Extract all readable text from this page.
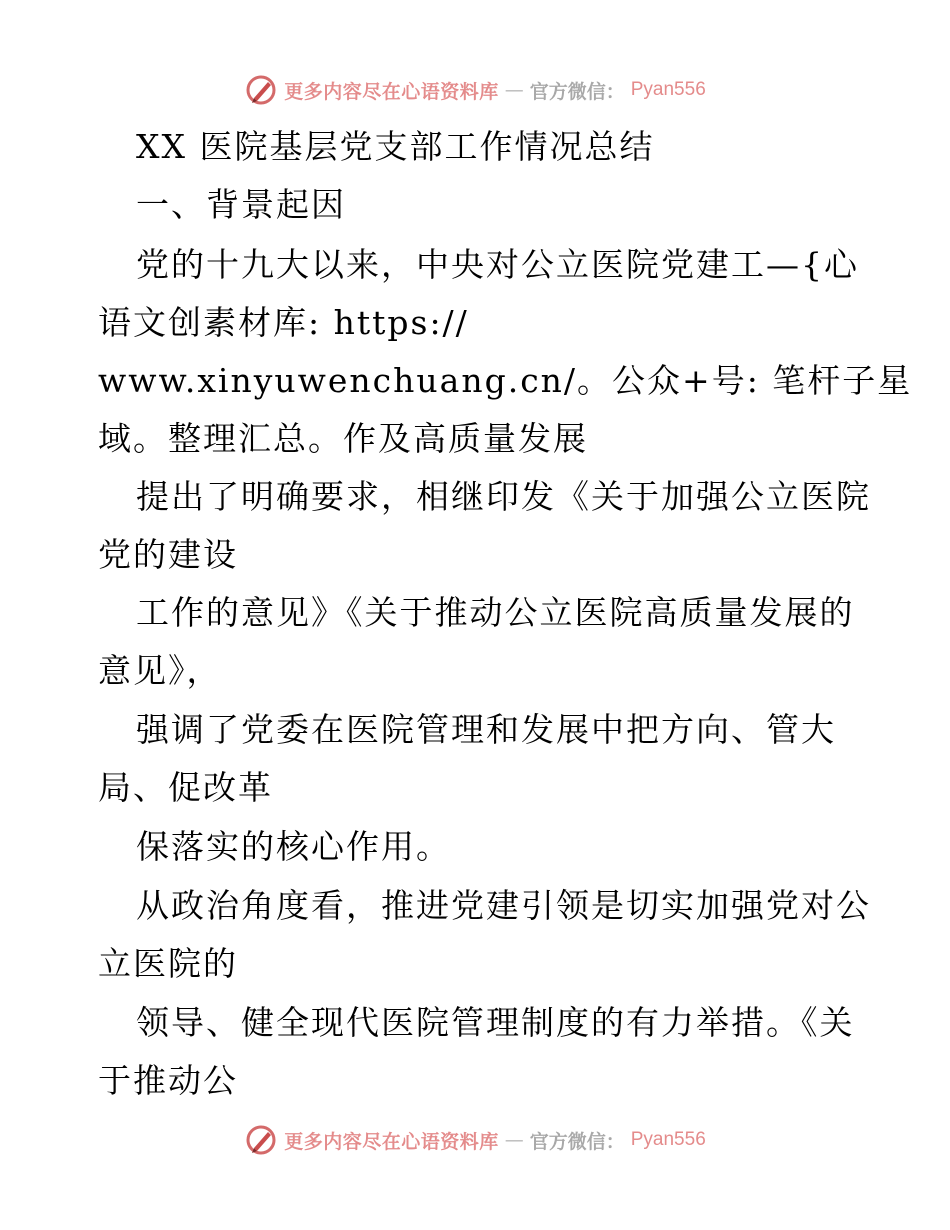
更多内容尽在心语资料库 — 官方微信： Pyan556
XX 医院基层党支部工作情况总结
一、背景起因
党的十九大以来，中央对公立医院党建工—{心
语文创素材库: https://
www.xinyuwenchuang.cn/。公众+号: 笔杆子星
域。整理汇总。作及高质量发展
提出了明确要求，相继印发《关于加强公立医院
党的建设
工作的意见》《关于推动公立医院高质量发展的
意见》，
强调了党委在医院管理和发展中把方向、管大
局、促改革
保落实的核心作用。
从政治角度看，推进党建引领是切实加强党对公
立医院的
领导、健全现代医院管理制度的有力举措。《关
于推动公
更多内容尽在心语资料库 — 官方微信： Pyan556
